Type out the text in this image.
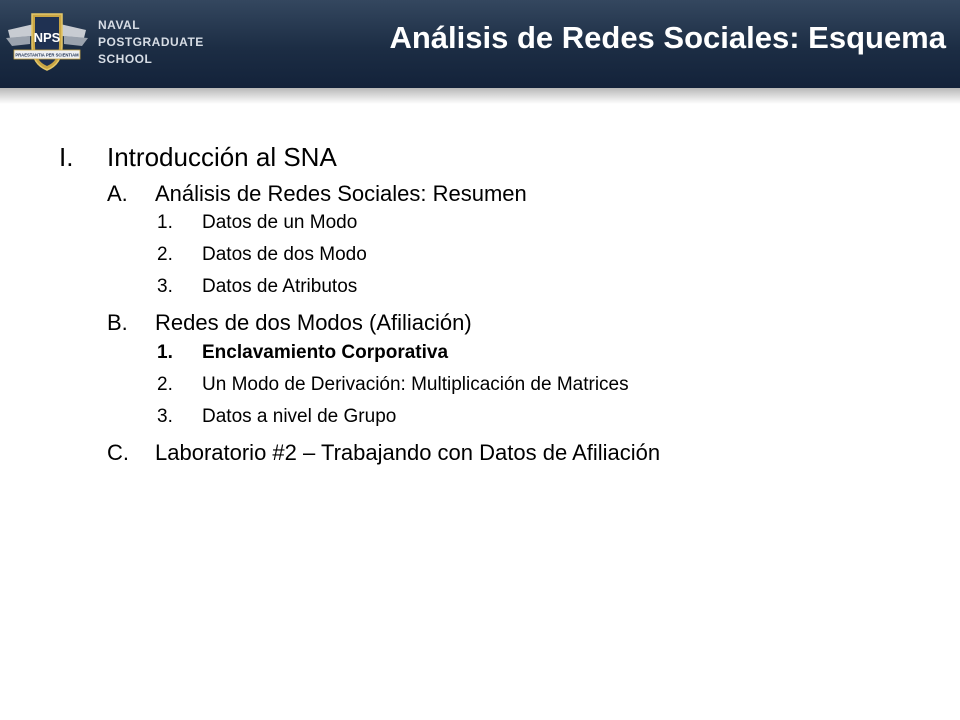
NPS
PRAESTANTIA PER SCIENTIAM
NAVAL
POSTGRADUATE
SCHOOL
Análisis de Redes Sociales: Esquema
I. Introducción al SNA
A. Análisis de Redes Sociales: Resumen
1. Datos de un Modo
2. Datos de dos Modo
3. Datos de Atributos
B. Redes de dos Modos (Afiliación)
1. Enclavamiento Corporativa
2. Un Modo de Derivación: Multiplicación de Matrices
3. Datos a nivel de Grupo
C. Laboratorio #2 – Trabajando con Datos de Afiliación
